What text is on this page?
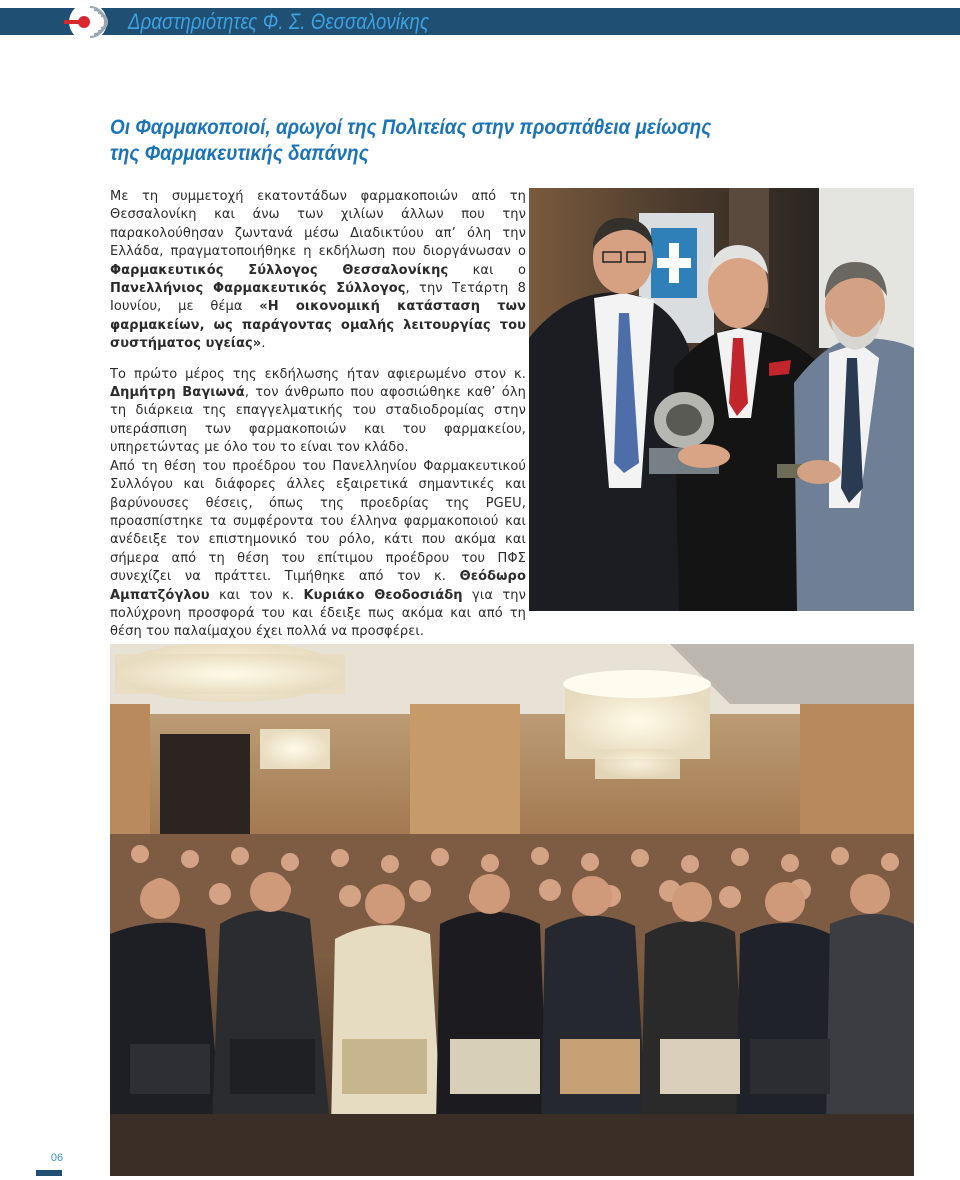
Δραστηριότητες Φ. Σ. Θεσσαλονίκης
Οι Φαρμακοποιοί, αρωγοί της Πολιτείας στην προσπάθεια μείωσης
της Φαρμακευτικής δαπάνης

Με τη συμμετοχή εκατοντάδων φαρμακοποιών από τη Θεσσαλονίκη και άνω των χιλίων άλλων που την παρακολούθησαν ζωντανά μέσω Διαδικτύου απ’ όλη την Ελλάδα, πραγματοποιήθηκε η εκδήλωση που διοργάνωσαν ο Φαρμακευτικός Σύλλογος Θεσσαλονίκης και ο Πανελλήνιος Φαρμακευτικός Σύλλογος, την Τετάρτη 8 Ιουνίου, με θέμα «Η οικονομική κατάσταση των φαρμακείων, ως παράγοντας ομαλής λειτουργίας του συστήματος υγείας».

Το πρώτο μέρος της εκδήλωσης ήταν αφιερωμένο στον κ. Δημήτρη Βαγιωνά, τον άνθρωπο που αφοσιώθηκε καθ’ όλη τη διάρκεια της επαγγελματικής του σταδιοδρομίας στην υπεράσπιση των φαρμακοποιών και του φαρμακείου, υπηρετώντας με όλο του το είναι τον κλάδο.

Από τη θέση του προέδρου του Πανελληνίου Φαρμακευτικού Συλλόγου και διάφορες άλλες εξαιρετικά σημαντικές και βαρύνουσες θέσεις, όπως της προεδρίας της PGEU, προασπίστηκε τα συμφέροντα του έλληνα φαρμακοποιού και ανέδειξε τον επιστημονικό του ρόλο, κάτι που ακόμα και σήμερα από τη θέση του επίτιμου προέδρου του ΠΦΣ συνεχίζει να πράττει. Τιμήθηκε από τον κ. Θεόδωρο Αμπατζόγλου και τον κ. Κυριάκο Θεοδοσιάδη για την πολύχρονη προσφορά του και έδειξε πως ακόμα και από τη θέση του παλαίμαχου έχει πολλά να προσφέρει.

06
